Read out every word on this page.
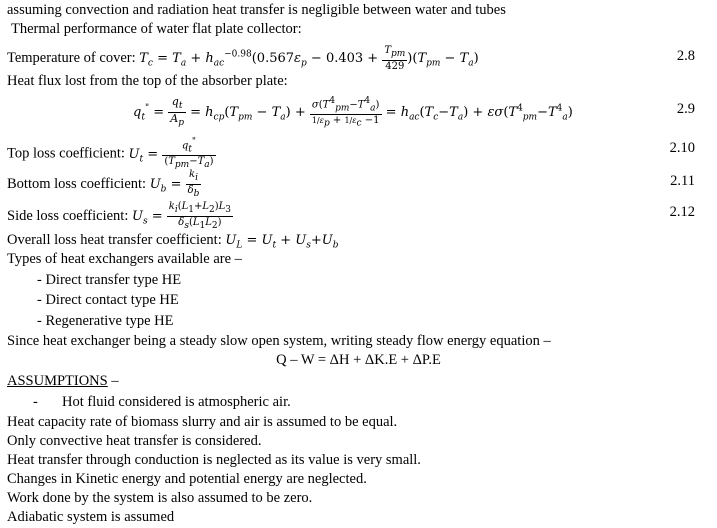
assuming convection and radiation heat transfer is negligible between water and tubes
Thermal performance of water flat plate collector:
Temperature of cover: $T_c = T_a + h_{ac}^{-0.98}(0.567\varepsilon_p - 0.403 + \frac{T_{pm}}{429} )(T_{pm} - T_a)$	2.8
Heat flux lost from the top of the absorber plate:
$q_t^" = \frac{q_t}{A_p} = h_{cp}(T_{pm} - T_a) + \frac{\sigma(T^4_{pm}-T^4_a)}{1/\varepsilon_p + 1/\varepsilon_c -1} = h_{ac}(T_c-T_a) + \varepsilon\sigma(T^4_{pm}-T^4_a)$	2.9
Top loss coefficient: $U_t = \frac{q_t^"}{(T_{pm}-T_a)}$	2.10
Bottom loss coefficient: $U_b = \frac{k_i}{\delta_b}$	2.11
Side loss coefficient: $U_s = \frac{k_i(L_1+L_2)L_3}{\delta_s(L_1L_2)}$	2.12
Overall loss heat transfer coefficient: $U_L = U_t + U_s+U_b$
Types of heat exchangers available are –
- Direct transfer type HE
- Direct contact type HE
- Regenerative type HE
Since heat exchanger being a steady slow open system, writing steady flow energy equation –
Q – W = ΔH + ΔK.E + ΔP.E
ASSUMPTIONS –
- Hot fluid considered is atmospheric air.
Heat capacity rate of biomass slurry and air is assumed to be equal.
Only convective heat transfer is considered.
Heat transfer through conduction is neglected as its value is very small.
Changes in Kinetic energy and potential energy are neglected.
Work done by the system is also assumed to be zero.
Adiabatic system is assumed
